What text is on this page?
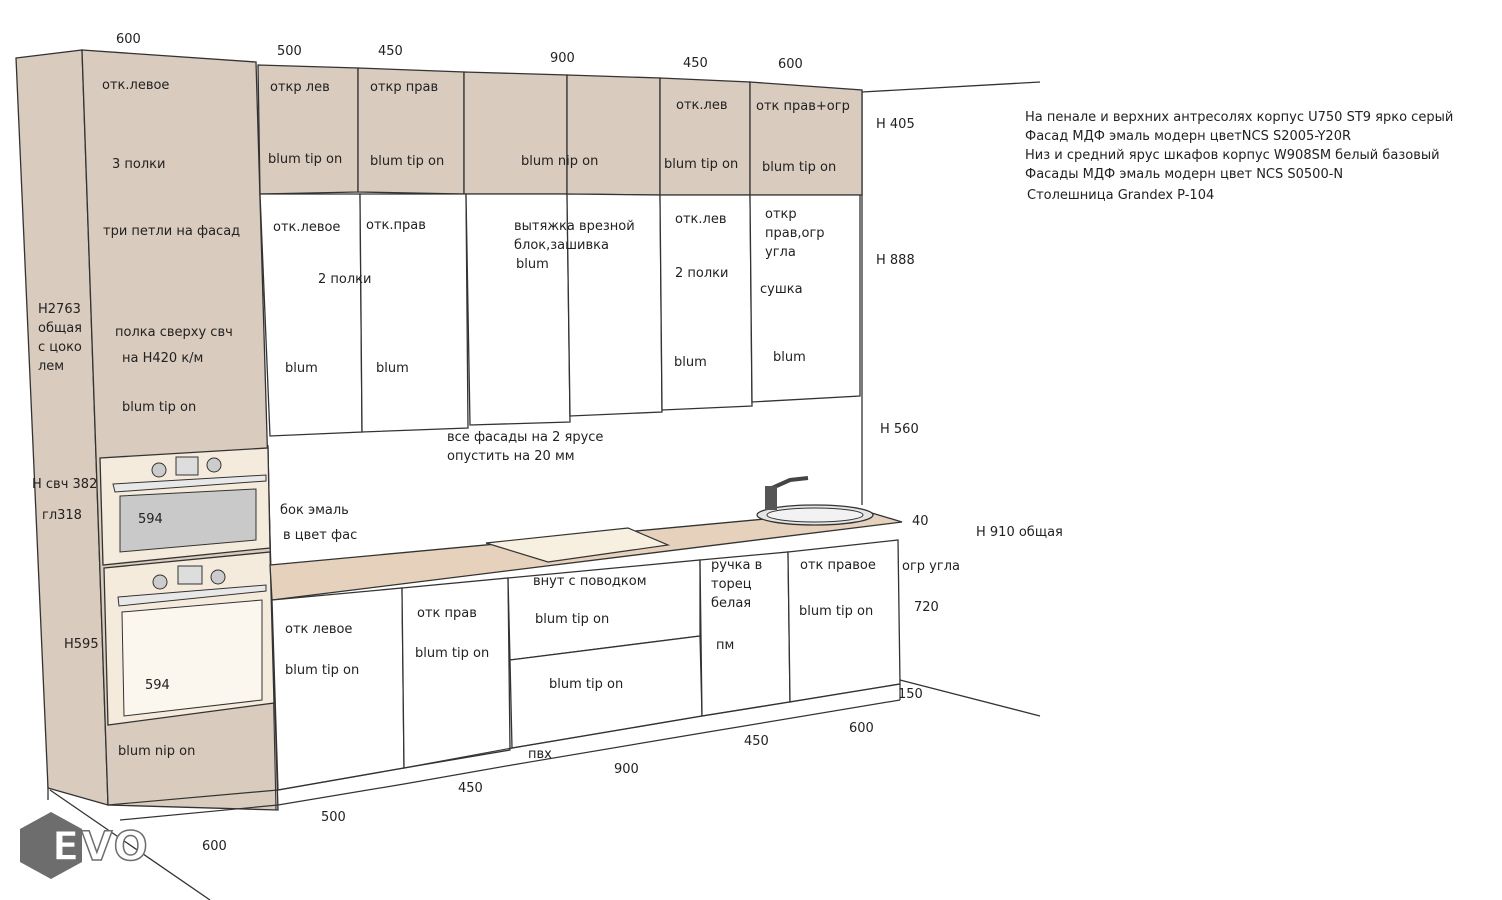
600
500	450	900	450	600
600
500
450
900
450
600
H 405
H 888
H 560
40
H 910 общая
720
150
H2763
общая
с цоко
лем
H свч 382
гл318
H595
594
594
отк.левое
3 полки
три петли на фасад
полка сверху свч
на H420 к/м
blum tip on
blum nip on
откр лев
blum tip on
откр прав
blum tip on	blum nip on
отк.лев
blum tip on
отк прав+огр
blum tip on
отк.левое отк.прав
2 полки
blum	blum
вытяжка врезной
блок,зашивка
blum
отк.лев
2 полки
blum
откр
прав,огр
угла
сушка
blum
все фасады на 2 ярусе
опустить на 20 мм
бок эмаль
в цвет фас
отк левое
blum tip on
отк прав
blum tip on
внут с поводком
blum tip on
blum tip on
пвх
ручка в
торец
белая
пм
отк правое
blum tip on
огр угла
На пенале и верхних антресолях корпус U750 ST9 ярко серый
Фасад МДФ эмаль модерн цветNCS S2005-Y20R
Низ и средний ярус шкафов корпус W908SM белый базовый
Фасады МДФ эмаль модерн цвет NCS S0500-N
Столешница Grandex P-104
EVO
